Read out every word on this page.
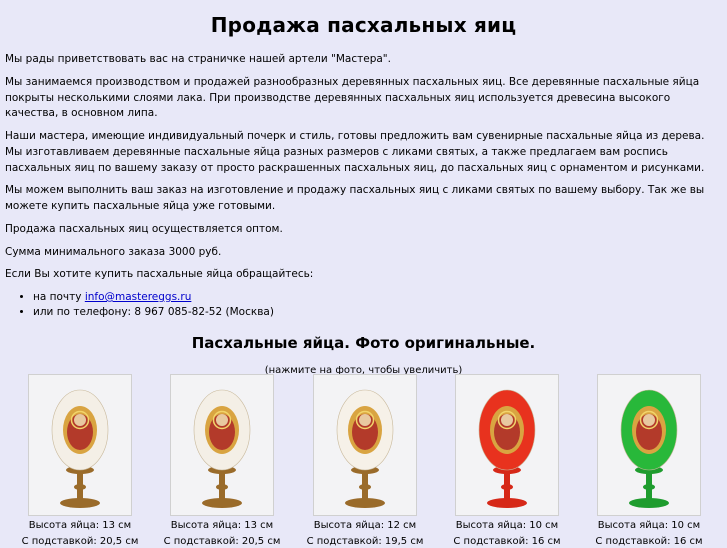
Продажа пасхальных яиц

Мы рады приветствовать вас на страничке нашей артели "Мастера".

Мы занимаемся производством и продажей разнообразных деревянных пасхальных яиц. Все деревянные пасхальные яйца покрыты несколькими слоями лака. При производстве деревянных пасхальных яиц используется древесина высокого качества, в основном липа.

Наши мастера, имеющие индивидуальный почерк и стиль, готовы предложить вам сувенирные пасхальные яйца из дерева. Мы изготавливаем деревянные пасхальные яйца разных размеров с ликами святых, а также предлагаем вам роспись пасхальных яиц по вашему заказу от просто раскрашенных пасхальных яиц, до пасхальных яиц с орнаментом и рисунками.

Мы можем выполнить ваш заказ на изготовление и продажу пасхальных яиц с ликами святых по вашему выбору. Так же вы можете купить пасхальные яйца уже готовыми.

Продажа пасхальных яиц осуществляется оптом.

Сумма минимального заказа 3000 руб.

Если Вы хотите купить пасхальные яйца обращайтесь:

• на почту info@mastereggs.ru
• или по телефону: 8 967 085-82-52 (Москва)
Пасхальные яйца. Фото оригинальные.
(нажмите на фото, чтобы увеличить)
Высота яйца: 13 см
С подставкой: 20,5 см
Высота яйца: 13 см
С подставкой: 20,5 см
Высота яйца: 12 см
С подставкой: 19,5 см
Высота яйца: 10 см
С подставкой: 16 см
Высота яйца: 10 см
С подставкой: 16 см
